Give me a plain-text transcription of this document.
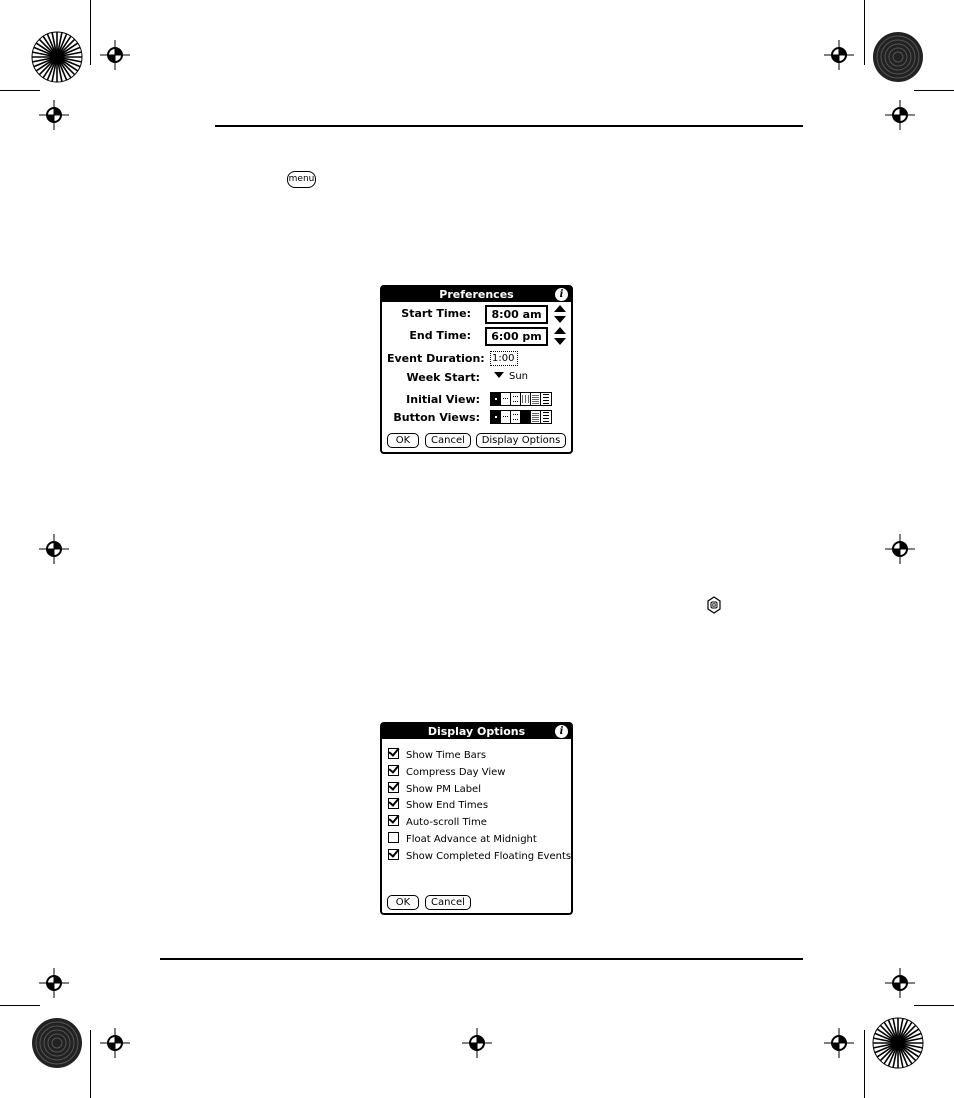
menu
Preferences	i
Start Time:	8:00 am
End Time:	6:00 pm
Event Duration: 1:00
Week Start:	Sun
Initial View:
Button Views:
OK	Cancel	Display Options
Display Options	i
Show Time Bars
Compress Day View
Show PM Label
Show End Times
Auto-scroll Time
Float Advance at Midnight
Show Completed Floating Events
OK	Cancel
